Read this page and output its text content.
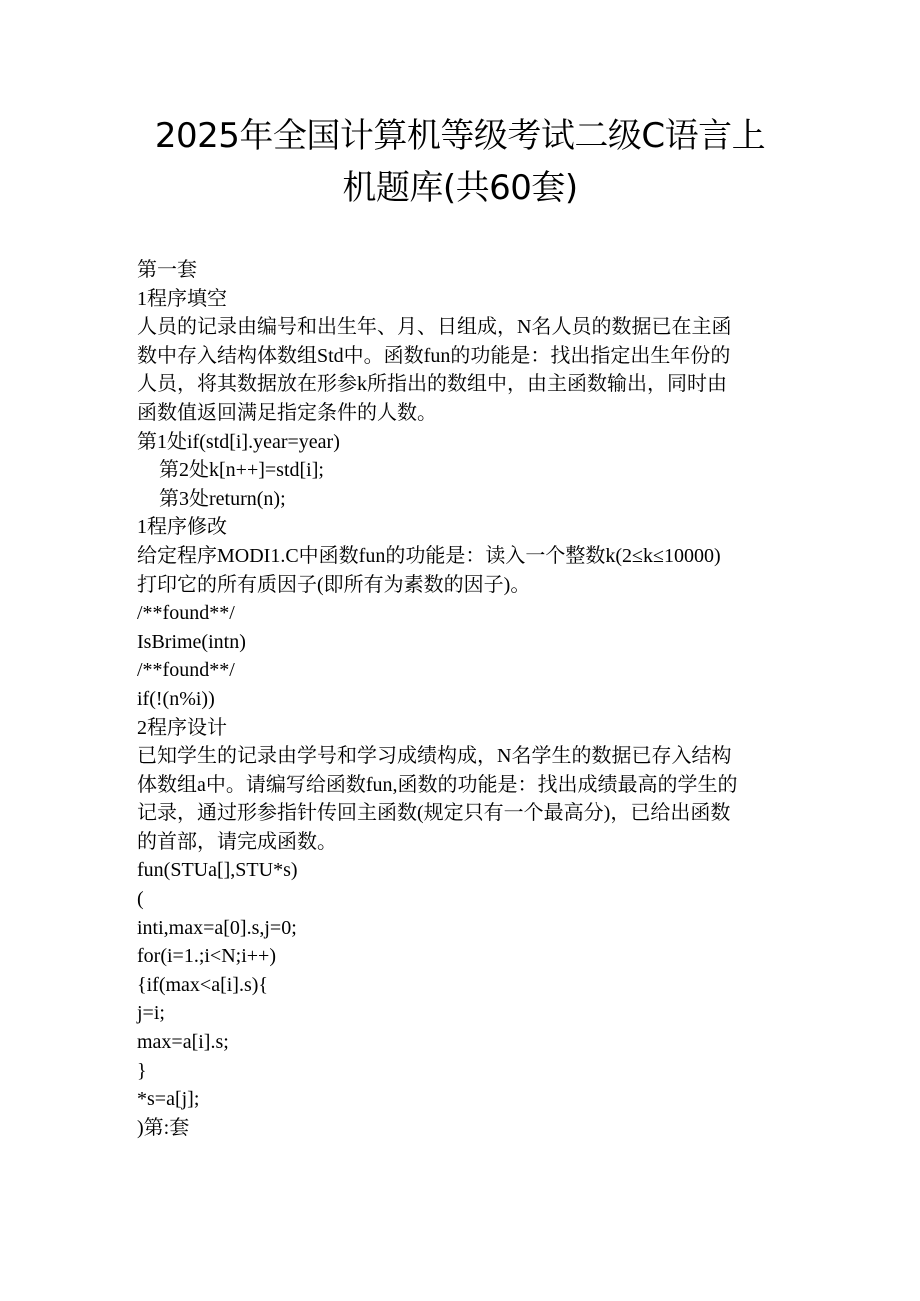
2025年全国计算机等级考试二级C语言上
机题库(共60套)
第一套
1程序填空
人员的记录由编号和出生年、月、日组成，N名人员的数据已在主函
数中存入结构体数组Std中。函数fun的功能是：找出指定出生年份的
人员，将其数据放在形参k所指出的数组中，由主函数输出，同时由
函数值返回满足指定条件的人数。
第1处if(std[i].year=year)
第2处k[n++]=std[i];
第3处return(n);
1程序修改
给定程序MODI1.C中函数fun的功能是：读入一个整数k(2≤k≤10000)
打印它的所有质因子(即所有为素数的因子)。
/**found**/
IsBrime(intn)
/**found**/
if(!(n%i))
2程序设计
已知学生的记录由学号和学习成绩构成，N名学生的数据已存入结构
体数组a中。请编写给函数fun,函数的功能是：找出成绩最高的学生的
记录，通过形参指针传回主函数(规定只有一个最高分)，已给出函数
的首部，请完成函数。
fun(STUa[],STU*s)
(
inti,max=a[0].s,j=0;
for(i=1.;i<N;i++)
{if(max<a[i].s){
j=i;
max=a[i].s;
}
*s=a[j];
)第:套
